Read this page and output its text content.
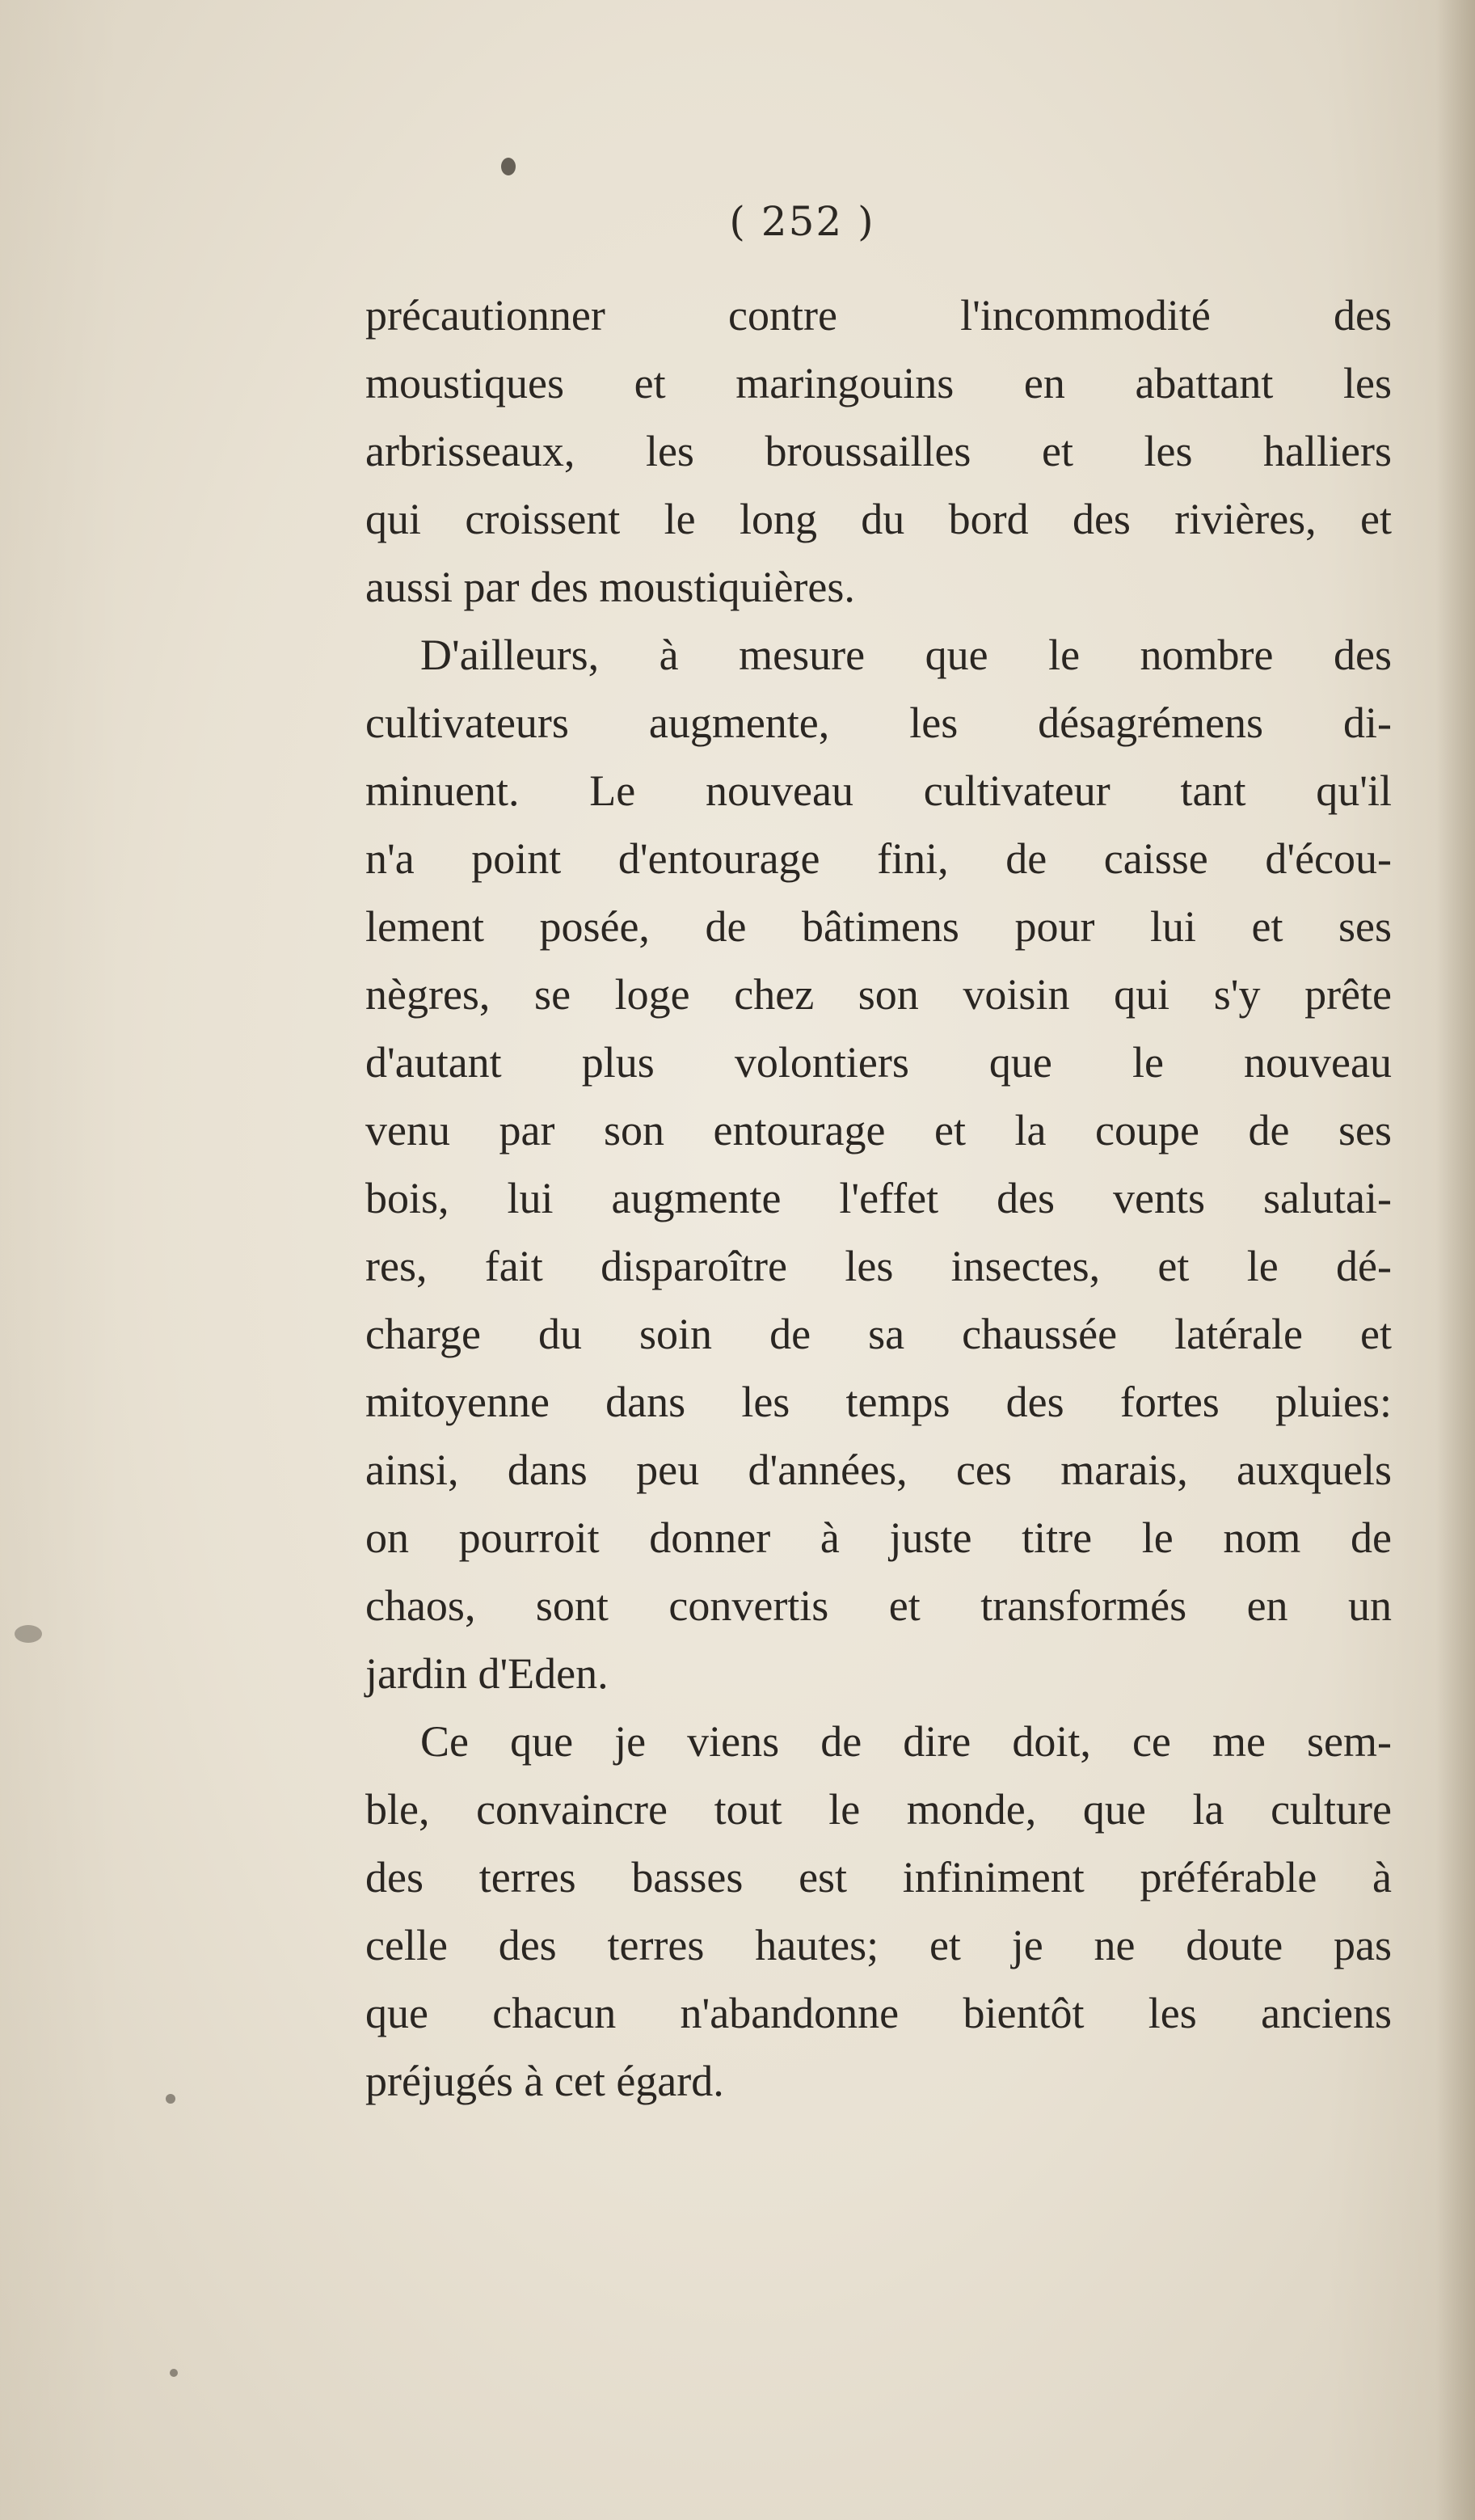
( 252 )
précautionner contre l'incommodité des
moustiques et maringouins en abattant les
arbrisseaux, les broussailles et les halliers
qui croissent le long du bord des rivières, et
aussi par des moustiquières.
D'ailleurs, à mesure que le nombre des
cultivateurs augmente, les désagrémens di-
minuent. Le nouveau cultivateur tant qu'il
n'a point d'entourage fini, de caisse d'écou-
lement posée, de bâtimens pour lui et ses
nègres, se loge chez son voisin qui s'y prête
d'autant plus volontiers que le nouveau
venu par son entourage et la coupe de ses
bois, lui augmente l'effet des vents salutai-
res, fait disparoître les insectes, et le dé-
charge du soin de sa chaussée latérale et
mitoyenne dans les temps des fortes pluies:
ainsi, dans peu d'années, ces marais, auxquels
on pourroit donner à juste titre le nom de
chaos, sont convertis et transformés en un
jardin d'Eden.
Ce que je viens de dire doit, ce me sem-
ble, convaincre tout le monde, que la culture
des terres basses est infiniment préférable à
celle des terres hautes; et je ne doute pas
que chacun n'abandonne bientôt les anciens
préjugés à cet égard.
